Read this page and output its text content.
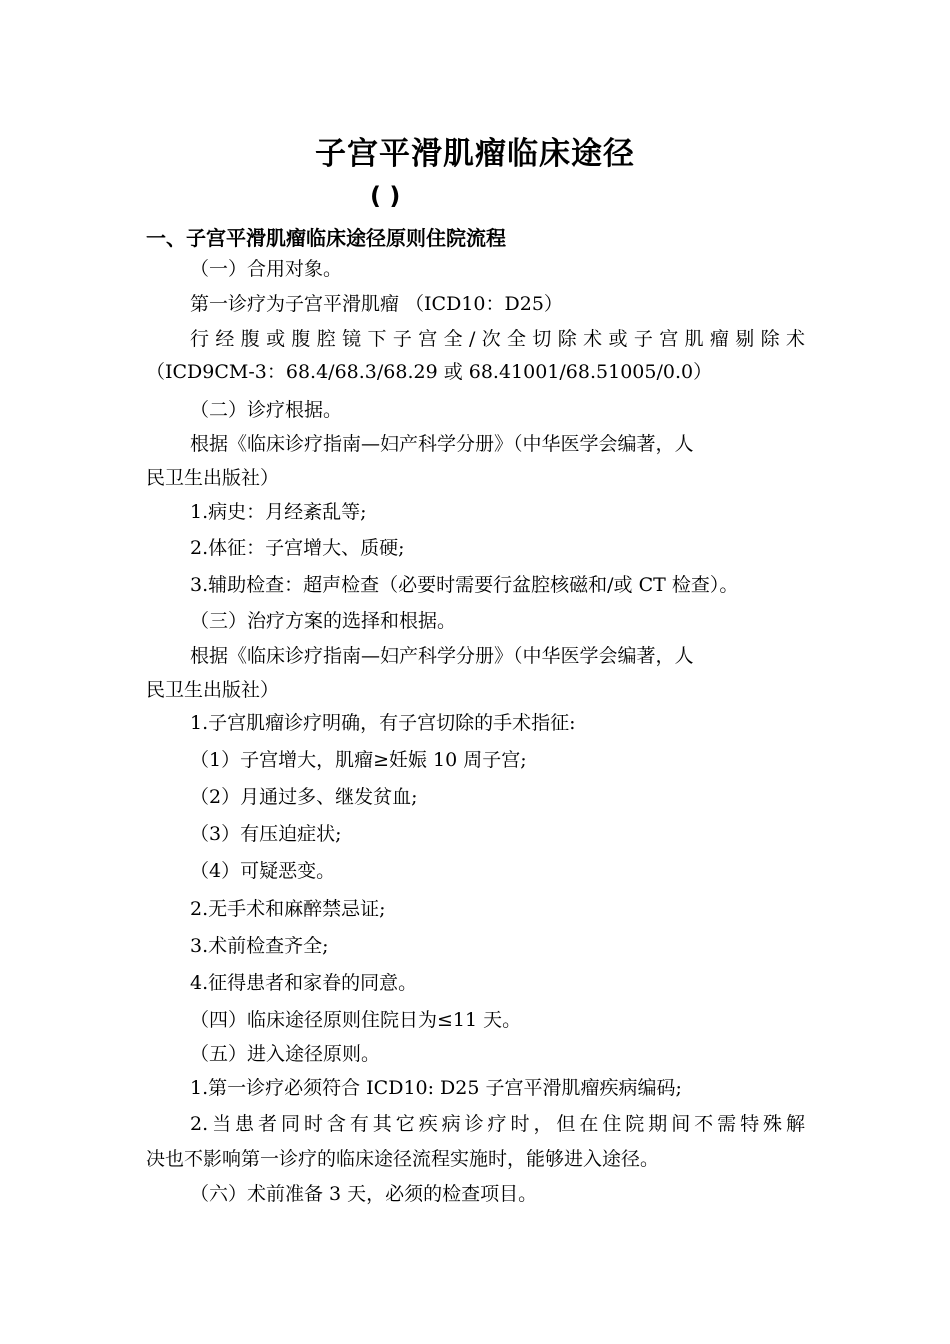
子宫平滑肌瘤临床途径
( )
一、子宫平滑肌瘤临床途径原则住院流程

（一）合用对象。

第一诊疗为子宫平滑肌瘤 （ICD10：D25）

行经腹或腹腔镜下子宫全/次全切除术或子宫肌瘤剔除术

（ICD9CM-3：68.4/68.3/68.29 或 68.41001/68.51005/0.0）

（二）诊疗根据。

根据《临床诊疗指南—妇产科学分册》（中华医学会编著，人

民卫生出版社）

1.病史：月经紊乱等;

2.体征：子宫增大、质硬;

3.辅助检查：超声检查（必要时需要行盆腔核磁和/或 CT 检查）。

（三）治疗方案的选择和根据。

根据《临床诊疗指南—妇产科学分册》（中华医学会编著，人

民卫生出版社）

1.子宫肌瘤诊疗明确，有子宫切除的手术指征:

（1）子宫增大，肌瘤≥妊娠 10 周子宫;

（2）月通过多、继发贫血;

（3）有压迫症状;

（4）可疑恶变。

2.无手术和麻醉禁忌证;

3.术前检查齐全;

4.征得患者和家眷的同意。

（四）临床途径原则住院日为≤11 天。

（五）进入途径原则。

1.第一诊疗必须符合 ICD10: D25 子宫平滑肌瘤疾病编码;

2.当患者同时含有其它疾病诊疗时，但在住院期间不需特殊解

决也不影响第一诊疗的临床途径流程实施时，能够进入途径。

（六）术前准备 3 天，必须的检查项目。
